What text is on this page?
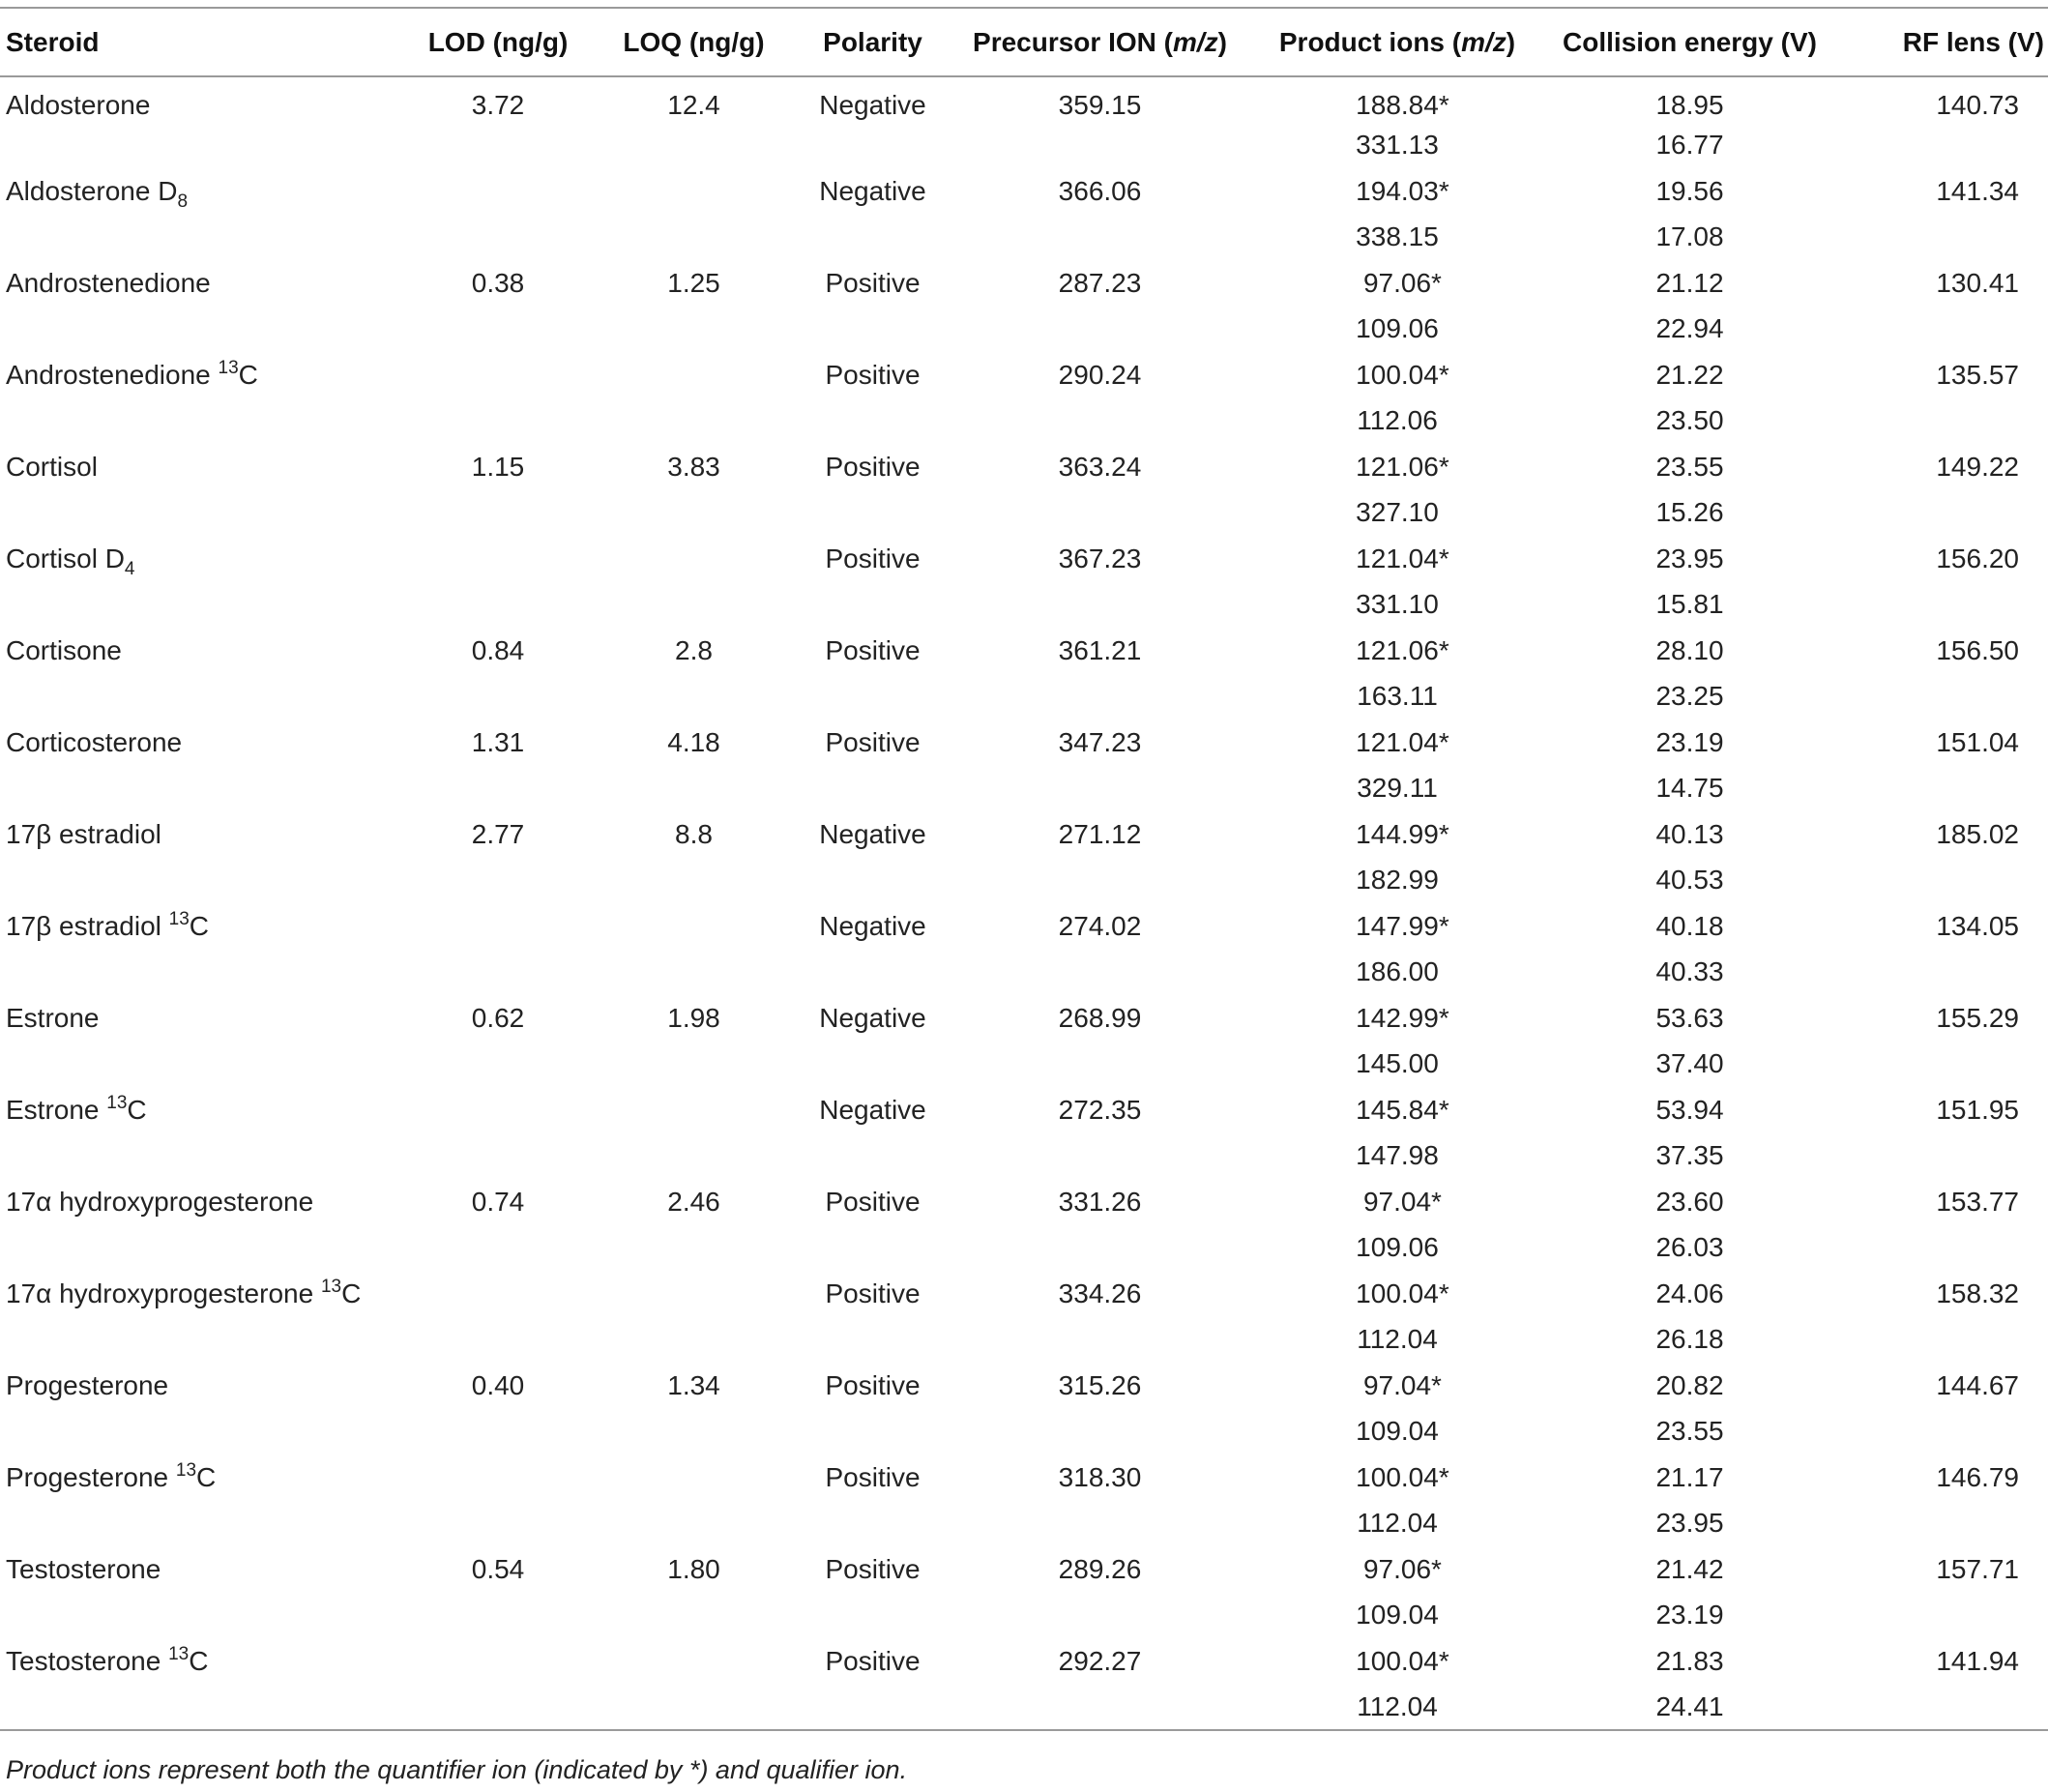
Steroid	LOD (ng/g)	LOQ (ng/g)	Polarity	Precursor ION (m/z)	Product ions (m/z)	Collision energy (V)	RF lens (V)
Aldosterone	3.72	12.4	Negative	359.15	188.84 *	18.95	140.73
					331.13	16.77	
Aldosterone $D_8$			Negative	366.06	194.03 *	19.56	141.34
					338.15	17.08	
Androstenedione	0.38	1.25	Positive	287.23	97.06 *	21.12	130.41
					109.06	22.94	
Androstenedione $^{13}$C			Positive	290.24	100.04 *	21.22	135.57
					112.06	23.50	
Cortisol	1.15	3.83	Positive	363.24	121.06 *	23.55	149.22
					327.10	15.26	
Cortisol $D_4$			Positive	367.23	121.04 *	23.95	156.20
					331.10	15.81	
Cortisone	0.84	2.8	Positive	361.21	121.06 *	28.10	156.50
					163.11	23.25	
Corticosterone	1.31	4.18	Positive	347.23	121.04 *	23.19	151.04
					329.11	14.75	
17β estradiol	2.77	8.8	Negative	271.12	144.99 *	40.13	185.02
					182.99	40.53	
17β estradiol $^{13}$C			Negative	274.02	147.99 *	40.18	134.05
					186.00	40.33	
Estrone	0.62	1.98	Negative	268.99	142.99 *	53.63	155.29
					145.00	37.40	
Estrone $^{13}$C			Negative	272.35	145.84 *	53.94	151.95
					147.98	37.35	
17α hydroxyprogesterone	0.74	2.46	Positive	331.26	97.04 *	23.60	153.77
					109.06	26.03	
17α hydroxyprogesterone $^{13}$C			Positive	334.26	100.04 *	24.06	158.32
					112.04	26.18	
Progesterone	0.40	1.34	Positive	315.26	97.04 *	20.82	144.67
					109.04	23.55	
Progesterone $^{13}$C			Positive	318.30	100.04 *	21.17	146.79
					112.04	23.95	
Testosterone	0.54	1.80	Positive	289.26	97.06 *	21.42	157.71
					109.04	23.19	
Testosterone $^{13}$C			Positive	292.27	100.04 *	21.83	141.94
					112.04	24.41	
Product ions represent both the quantifier ion (indicated by *) and qualifier ion.
